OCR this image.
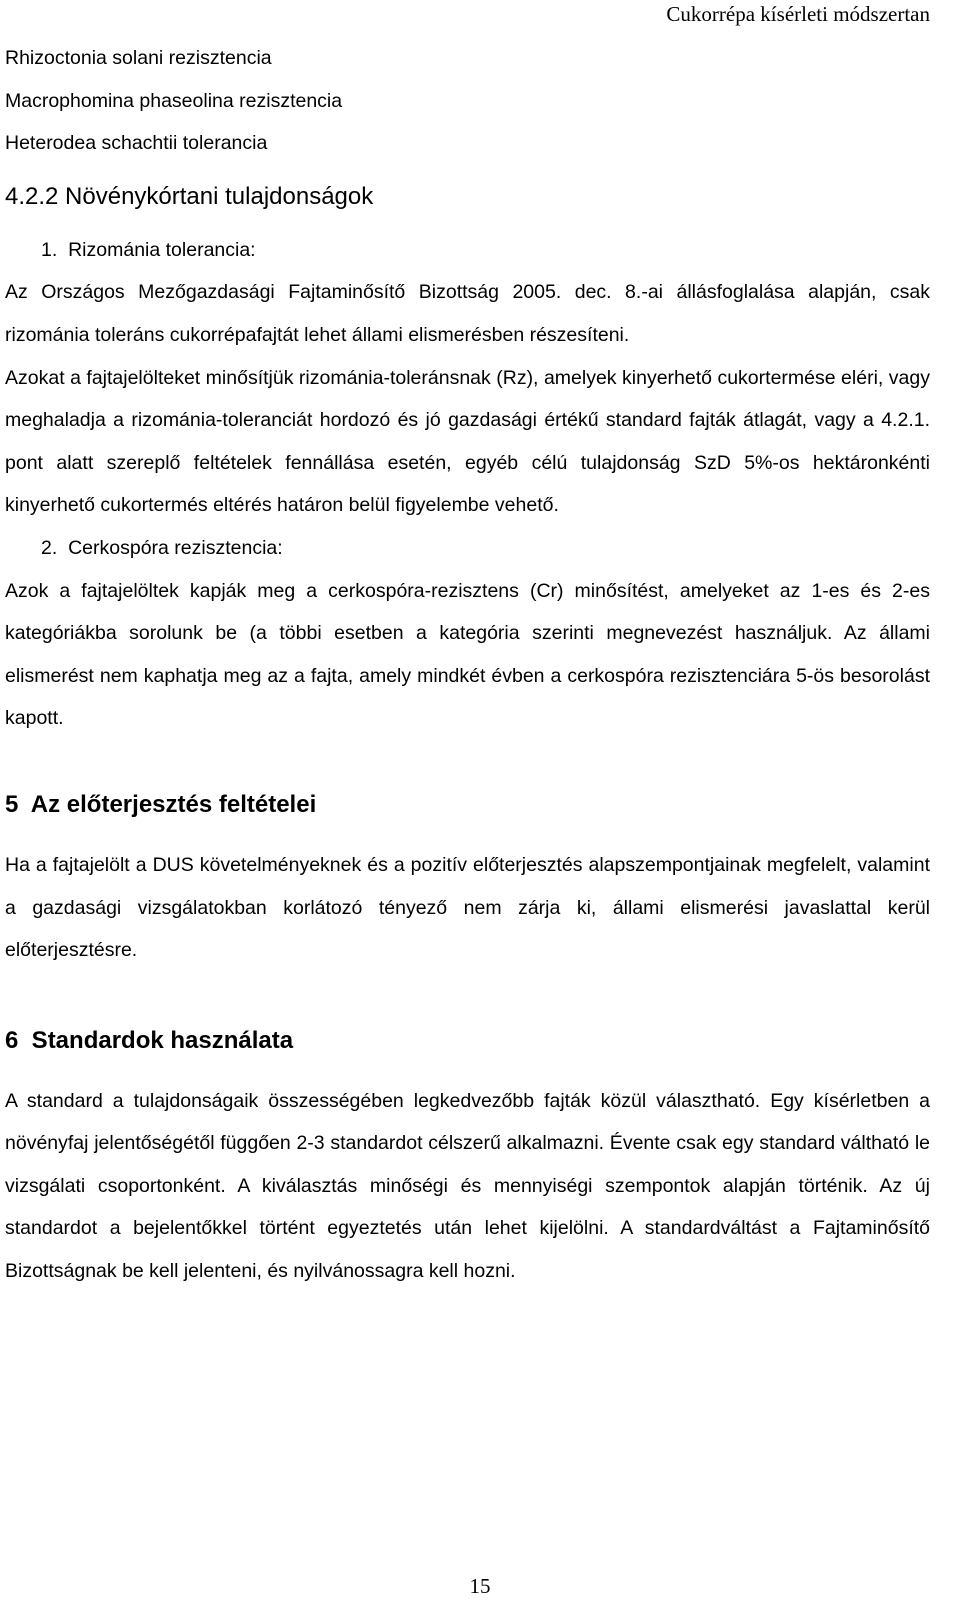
Cukorrépa kísérleti módszertan

Rhizoctonia solani rezisztencia

Macrophomina phaseolina rezisztencia

Heterodea schachtii tolerancia

4.2.2 Növénykórtani tulajdonságok

1.  Rizománia tolerancia:

Az Országos Mezőgazdasági Fajtaminősítő Bizottság 2005. dec. 8.-ai állásfoglalása alapján, csak rizománia toleráns cukorrépafajtát lehet állami elismerésben részesíteni.

Azokat a fajtajelölteket minősítjük rizománia-toleránsnak (Rz), amelyek kinyerhető cukortermése eléri, vagy meghaladja a rizománia-toleranciát hordozó és jó gazdasági értékű standard fajták átlagát, vagy a 4.2.1. pont alatt szereplő feltételek fennállása esetén, egyéb célú tulajdonság SzD 5%-os hektáronkénti kinyerhető cukortermés eltérés határon belül figyelembe vehető.

2.  Cerkospóra rezisztencia:

Azok a fajtajelöltek kapják meg a cerkospóra-rezisztens (Cr) minősítést, amelyeket az 1-es és 2-es kategóriákba sorolunk be (a többi esetben a kategória szerinti megnevezést használjuk. Az állami elismerést nem kaphatja meg az a fajta, amely mindkét évben a cerkospóra rezisztenciára 5-ös besorolást kapott.

5  Az előterjesztés feltételei

Ha a fajtajelölt a DUS követelményeknek és a pozitív előterjesztés alapszempontjainak megfelelt, valamint a gazdasági vizsgálatokban korlátozó tényező nem zárja ki, állami elismerési javaslattal kerül előterjesztésre.

6  Standardok használata

A standard a tulajdonságaik összességében legkedvezőbb fajták közül választható. Egy kísérletben a növényfaj jelentőségétől függően 2-3 standardot célszerű alkalmazni. Évente csak egy standard váltható le vizsgálati csoportonként. A kiválasztás minőségi és mennyiségi szempontok alapján történik. Az új standardot a bejelentőkkel történt egyeztetés után lehet kijelölni. A standardváltást a Fajtaminősítő Bizottságnak be kell jelenteni, és nyilvánossagra kell hozni.

15
